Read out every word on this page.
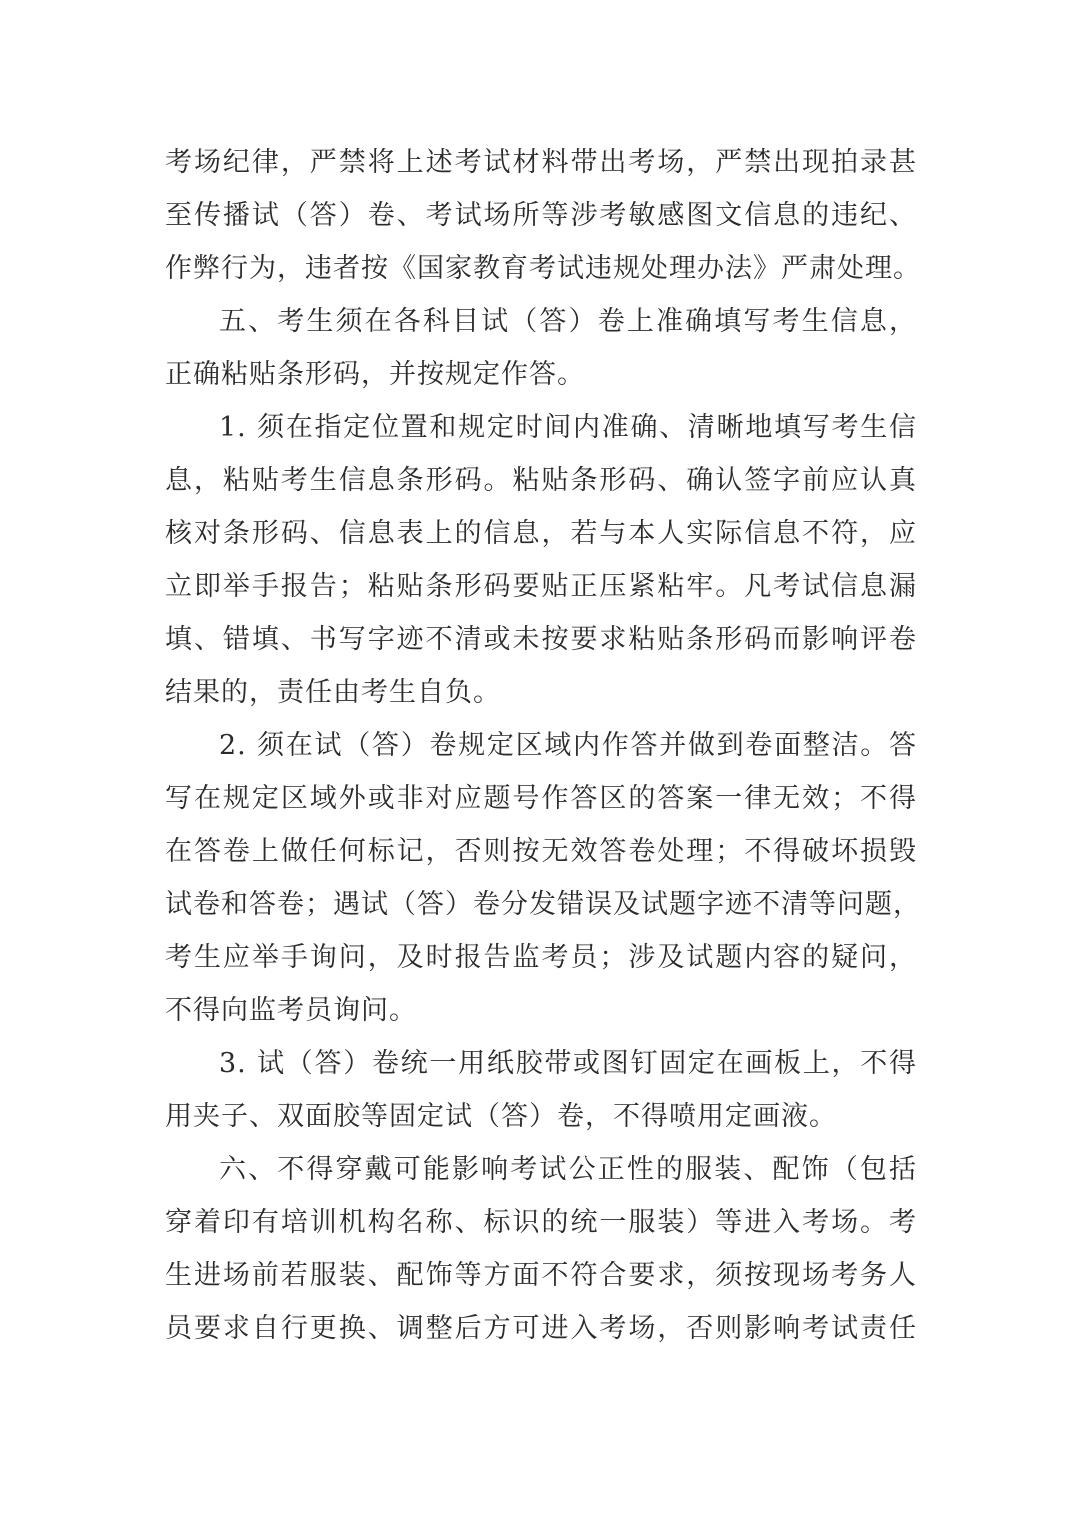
考场纪律，严禁将上述考试材料带出考场，严禁出现拍录甚
至传播试（答）卷、考试场所等涉考敏感图文信息的违纪、
作弊行为，违者按《国家教育考试违规处理办法》严肃处理。
五、考生须在各科目试（答）卷上准确填写考生信息，
正确粘贴条形码，并按规定作答。
1. 须在指定位置和规定时间内准确、清晰地填写考生信
息，粘贴考生信息条形码。粘贴条形码、确认签字前应认真
核对条形码、信息表上的信息，若与本人实际信息不符，应
立即举手报告；粘贴条形码要贴正压紧粘牢。凡考试信息漏
填、错填、书写字迹不清或未按要求粘贴条形码而影响评卷
结果的，责任由考生自负。
2. 须在试（答）卷规定区域内作答并做到卷面整洁。答
写在规定区域外或非对应题号作答区的答案一律无效；不得
在答卷上做任何标记，否则按无效答卷处理；不得破坏损毁
试卷和答卷；遇试（答）卷分发错误及试题字迹不清等问题，
考生应举手询问，及时报告监考员；涉及试题内容的疑问，
不得向监考员询问。
3. 试（答）卷统一用纸胶带或图钉固定在画板上，不得
用夹子、双面胶等固定试（答）卷，不得喷用定画液。
六、不得穿戴可能影响考试公正性的服装、配饰（包括
穿着印有培训机构名称、标识的统一服装）等进入考场。考
生进场前若服装、配饰等方面不符合要求，须按现场考务人
员要求自行更换、调整后方可进入考场，否则影响考试责任
